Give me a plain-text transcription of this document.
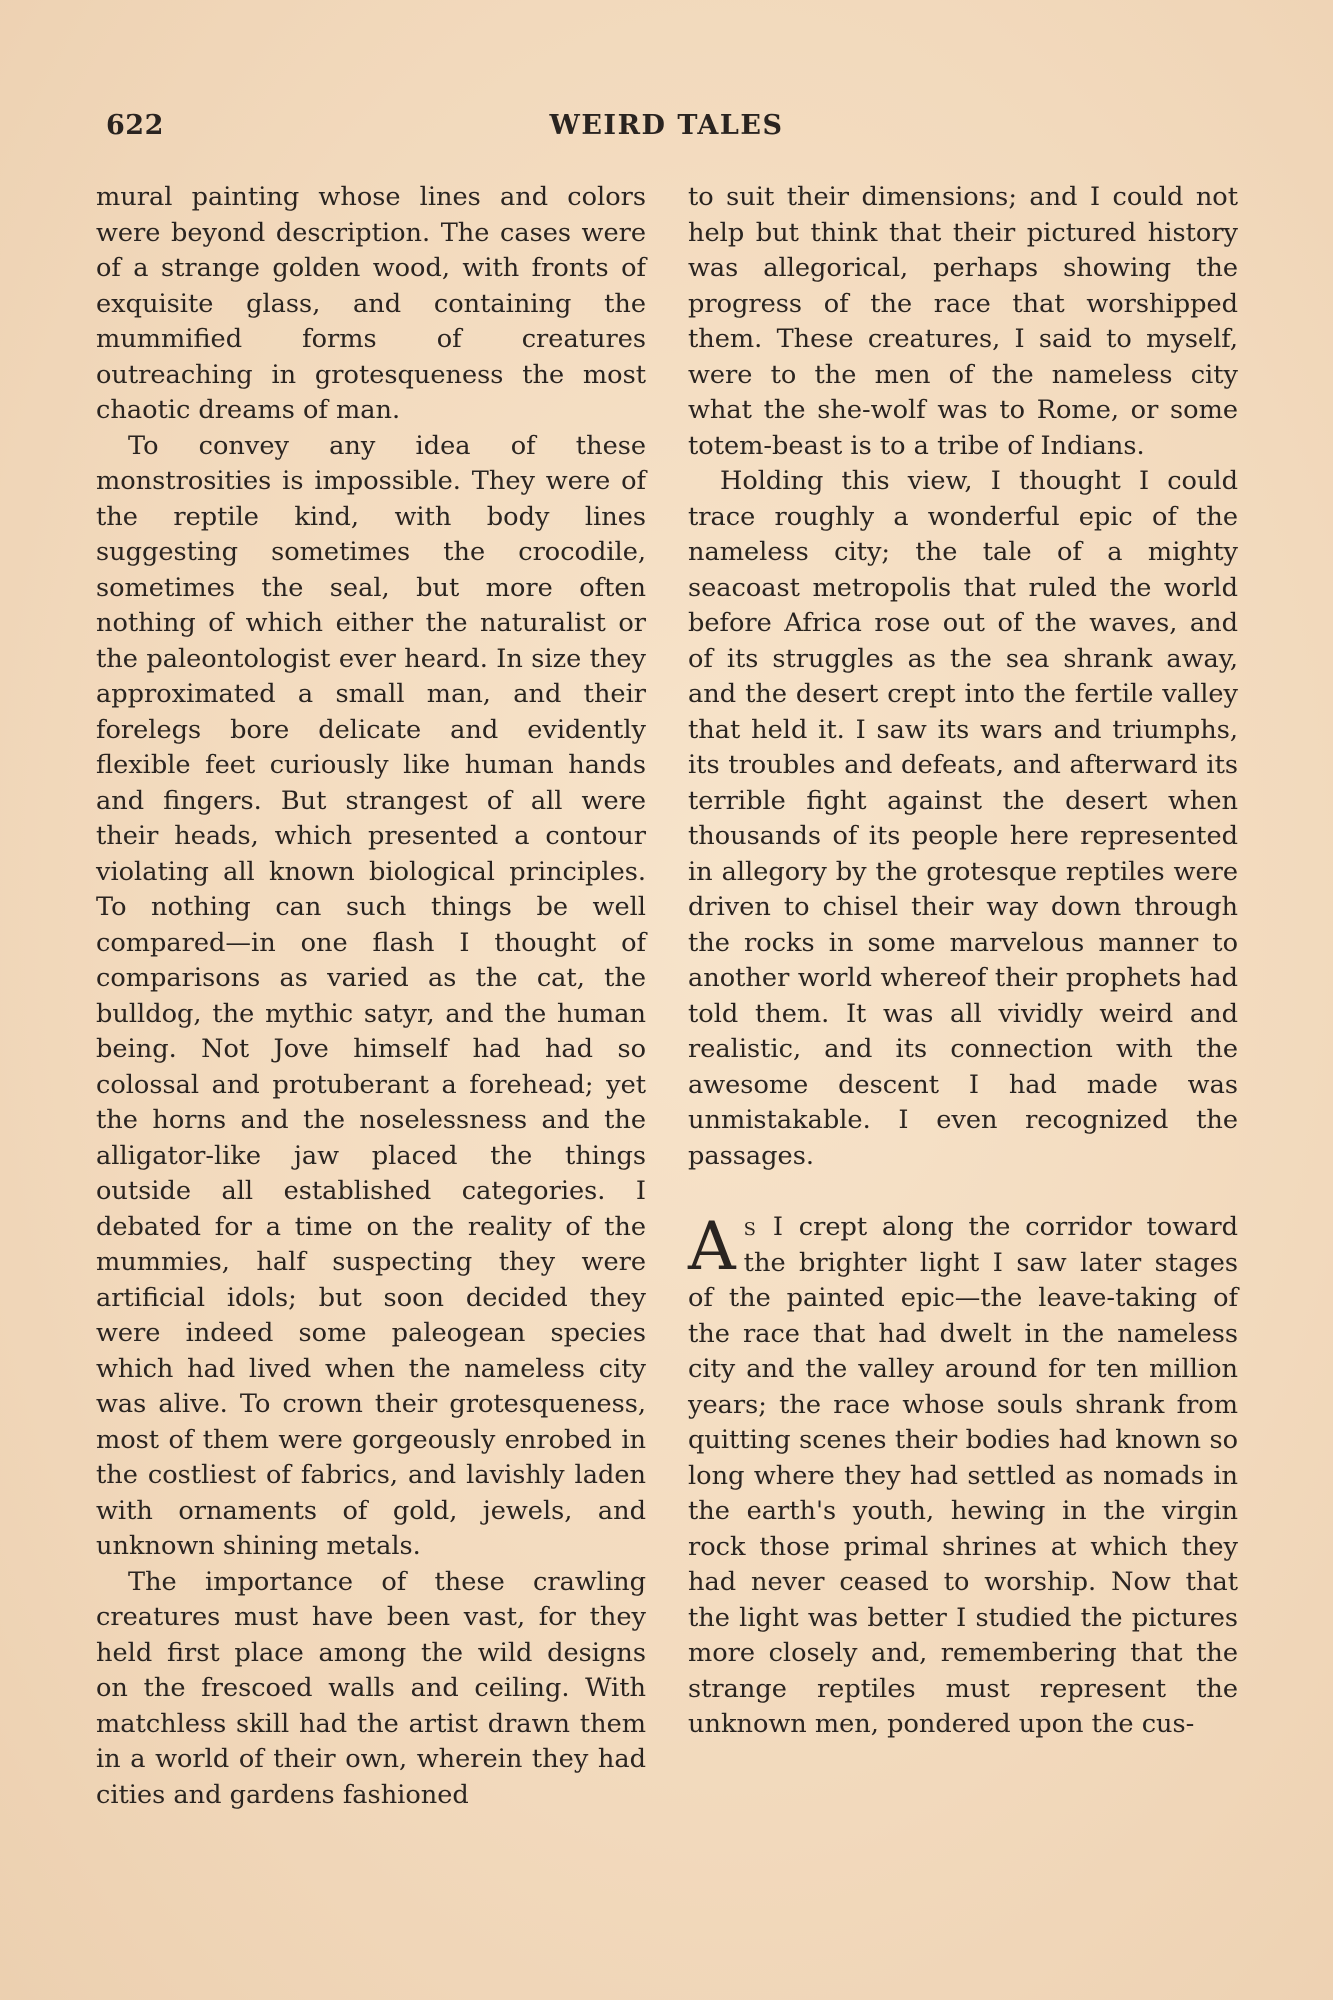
622	WEIRD TALES

mural painting whose lines and colors were beyond description. The cases were of a strange golden wood, with fronts of exquisite glass, and containing the mummified forms of creatures outreaching in grotesqueness the most chaotic dreams of man.

To convey any idea of these monstrosities is impossible. They were of the reptile kind, with body lines suggesting sometimes the crocodile, sometimes the seal, but more often nothing of which either the naturalist or the paleontologist ever heard. In size they approximated a small man, and their forelegs bore delicate and evidently flexible feet curiously like human hands and fingers. But strangest of all were their heads, which presented a contour violating all known biological principles. To nothing can such things be well compared—in one flash I thought of comparisons as varied as the cat, the bulldog, the mythic satyr, and the human being. Not Jove himself had had so colossal and protuberant a forehead; yet the horns and the noselessness and the alligator-like jaw placed the things outside all established categories. I debated for a time on the reality of the mummies, half suspecting they were artificial idols; but soon decided they were indeed some paleogean species which had lived when the nameless city was alive. To crown their grotesqueness, most of them were gorgeously enrobed in the costliest of fabrics, and lavishly laden with ornaments of gold, jewels, and unknown shining metals.

The importance of these crawling creatures must have been vast, for they held first place among the wild designs on the frescoed walls and ceiling. With matchless skill had the artist drawn them in a world of their own, wherein they had cities and gardens fashioned

to suit their dimensions; and I could not help but think that their pictured history was allegorical, perhaps showing the progress of the race that worshipped them. These creatures, I said to myself, were to the men of the nameless city what the she-wolf was to Rome, or some totem-beast is to a tribe of Indians.

Holding this view, I thought I could trace roughly a wonderful epic of the nameless city; the tale of a mighty seacoast metropolis that ruled the world before Africa rose out of the waves, and of its struggles as the sea shrank away, and the desert crept into the fertile valley that held it. I saw its wars and triumphs, its troubles and defeats, and afterward its terrible fight against the desert when thousands of its people here represented in allegory by the grotesque reptiles were driven to chisel their way down through the rocks in some marvelous manner to another world whereof their prophets had told them. It was all vividly weird and realistic, and its connection with the awesome descent I had made was unmistakable. I even recognized the passages.

As I crept along the corridor toward the brighter light I saw later stages of the painted epic—the leave-taking of the race that had dwelt in the nameless city and the valley around for ten million years; the race whose souls shrank from quitting scenes their bodies had known so long where they had settled as nomads in the earth's youth, hewing in the virgin rock those primal shrines at which they had never ceased to worship. Now that the light was better I studied the pictures more closely and, remembering that the strange reptiles must represent the unknown men, pondered upon the cus-
